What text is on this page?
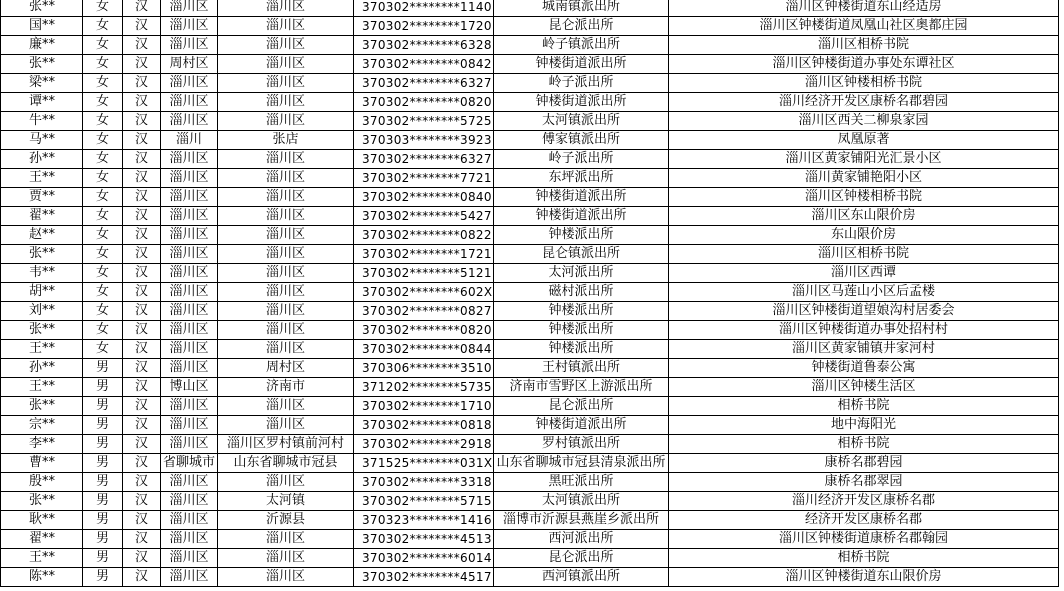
张**	女	汉	淄川区	淄川区	370302********1140	城南镇派出所	淄川区钟楼街道东山经适房
国**	女	汉	淄川区	淄川区	370302********1720	昆仑派出所	淄川区钟楼街道凤凰山社区奥都庄园
廉**	女	汉	淄川区	淄川区	370302********6328	岭子镇派出所	淄川区相桥书院
张**	女	汉	周村区	淄川区	370302********0842	钟楼街道派出所	淄川区钟楼街道办事处东谭社区
梁**	女	汉	淄川区	淄川区	370302********6327	岭子派出所	淄川区钟楼相桥书院
谭**	女	汉	淄川区	淄川区	370302********0820	钟楼街道派出所	淄川经济开发区康桥名郡碧园
牛**	女	汉	淄川区	淄川区	370302********5725	太河镇派出所	淄川区西关二柳泉家园
马**	女	汉	淄川	张店	370303********3923	傅家镇派出所	凤凰原著
孙**	女	汉	淄川区	淄川区	370302********6327	岭子派出所	淄川区黄家铺阳光汇景小区
王**	女	汉	淄川区	淄川区	370302********7721	东坪派出所	淄川黄家铺艳阳小区
贾**	女	汉	淄川区	淄川区	370302********0840	钟楼街道派出所	淄川区钟楼相桥书院
翟**	女	汉	淄川区	淄川区	370302********5427	钟楼街道派出所	淄川区东山限价房
赵**	女	汉	淄川区	淄川区	370302********0822	钟楼派出所	东山限价房
张**	女	汉	淄川区	淄川区	370302********1721	昆仑镇派出所	淄川区相桥书院
韦**	女	汉	淄川区	淄川区	370302********5121	太河派出所	淄川区西谭
胡**	女	汉	淄川区	淄川区	370302********602X	磁村派出所	淄川区马莲山小区后孟楼
刘**	女	汉	淄川区	淄川区	370302********0827	钟楼派出所	淄川区钟楼街道望娘沟村居委会
张**	女	汉	淄川区	淄川区	370302********0820	钟楼派出所	淄川区钟楼街道办事处招村村
王**	女	汉	淄川区	淄川区	370302********0844	钟楼派出所	淄川区黄家铺镇井家河村
孙**	男	汉	淄川区	周村区	370306********3510	王村镇派出所	钟楼街道鲁泰公寓
王**	男	汉	博山区	济南市	371202********5735	济南市雪野区上游派出所	淄川区钟楼生活区
张**	男	汉	淄川区	淄川区	370302********1710	昆仑派出所	相桥书院
宗**	男	汉	淄川区	淄川区	370302********0818	钟楼街道派出所	地中海阳光
李**	男	汉	淄川区	淄川区罗村镇前河村	370302********2918	罗村镇派出所	相桥书院
曹**	男	汉	省聊城市	山东省聊城市冠县	371525********031X	山东省聊城市冠县清泉派出所	康桥名郡碧园
殷**	男	汉	淄川区	淄川区	370302********3318	黑旺派出所	康桥名郡翠园
张**	男	汉	淄川区	太河镇	370302********5715	太河镇派出所	淄川经济开发区康桥名郡
耿**	男	汉	淄川区	沂源县	370323********1416	淄博市沂源县燕崖乡派出所	经济开发区康桥名郡
翟**	男	汉	淄川区	淄川区	370302********4513	西河派出所	淄川区钟楼街道康桥名郡翰园
王**	男	汉	淄川区	淄川区	370302********6014	昆仑派出所	相桥书院
陈**	男	汉	淄川区	淄川区	370302********4517	西河镇派出所	淄川区钟楼街道东山限价房
